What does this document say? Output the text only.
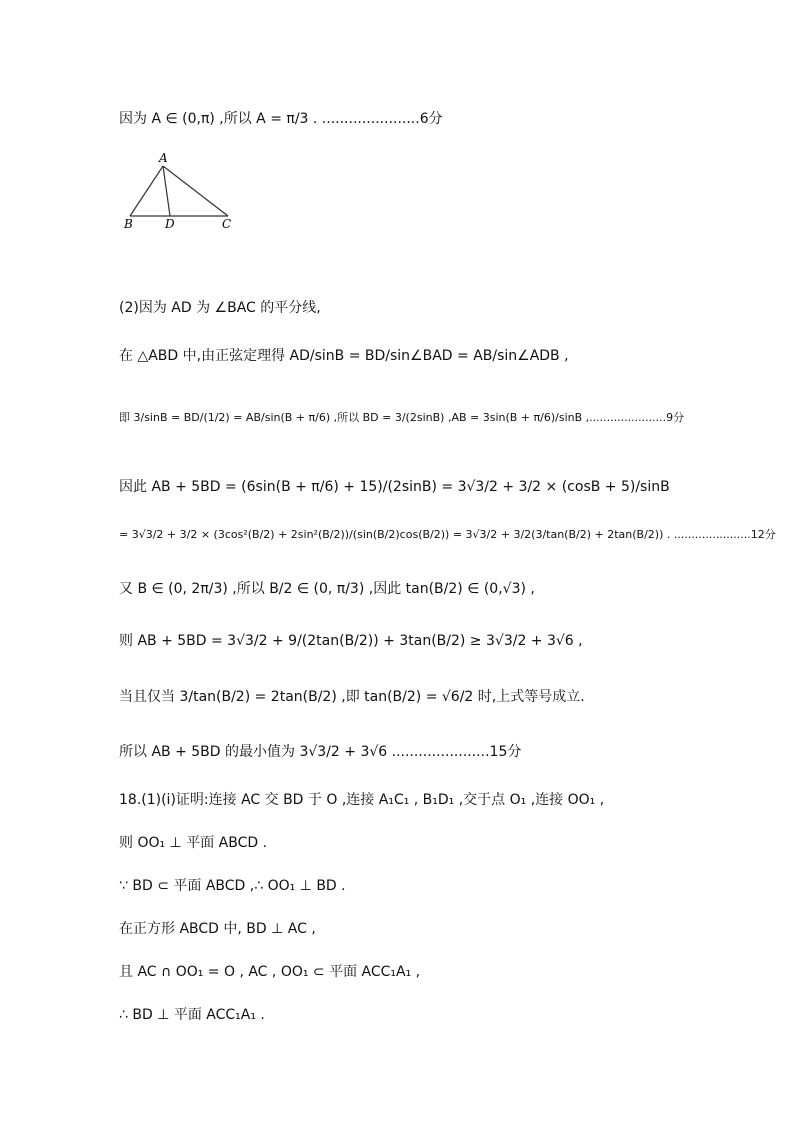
因为 A ∈ (0,π) ,所以 A = π/3 . ......................6分
A
B	D	C
(2)因为 AD 为 ∠BAC 的平分线,
在 △ABD 中,由正弦定理得 AD/sinB = BD/sin∠BAD = AB/sin∠ADB ,
即 3/sinB = BD/(1/2) = AB/sin(B + π/6) ,所以 BD = 3/(2sinB) ,AB = 3sin(B + π/6)/sinB ,......................9分
因此 AB + 5BD = (6sin(B + π/6) + 15)/(2sinB) = 3√3/2 + 3/2 × (cosB + 5)/sinB
= 3√3/2 + 3/2 × (3cos²(B/2) + 2sin²(B/2))/(sin(B/2)cos(B/2)) = 3√3/2 + 3/2(3/tan(B/2) + 2tan(B/2)) . ......................12分
又 B ∈ (0, 2π/3) ,所以 B/2 ∈ (0, π/3) ,因此 tan(B/2) ∈ (0,√3) ,
则 AB + 5BD = 3√3/2 + 9/(2tan(B/2)) + 3tan(B/2) ≥ 3√3/2 + 3√6 ,
当且仅当 3/tan(B/2) = 2tan(B/2) ,即 tan(B/2) = √6/2 时,上式等号成立.
所以 AB + 5BD 的最小值为 3√3/2 + 3√6 ......................15分
18.(1)(i)证明:连接 AC 交 BD 于 O ,连接 A₁C₁ , B₁D₁ ,交于点 O₁ ,连接 OO₁ ,
则 OO₁ ⊥ 平面 ABCD .
∵ BD ⊂ 平面 ABCD ,∴ OO₁ ⊥ BD .
在正方形 ABCD 中, BD ⊥ AC ,
且 AC ∩ OO₁ = O , AC , OO₁ ⊂ 平面 ACC₁A₁ ,
∴ BD ⊥ 平面 ACC₁A₁ .
